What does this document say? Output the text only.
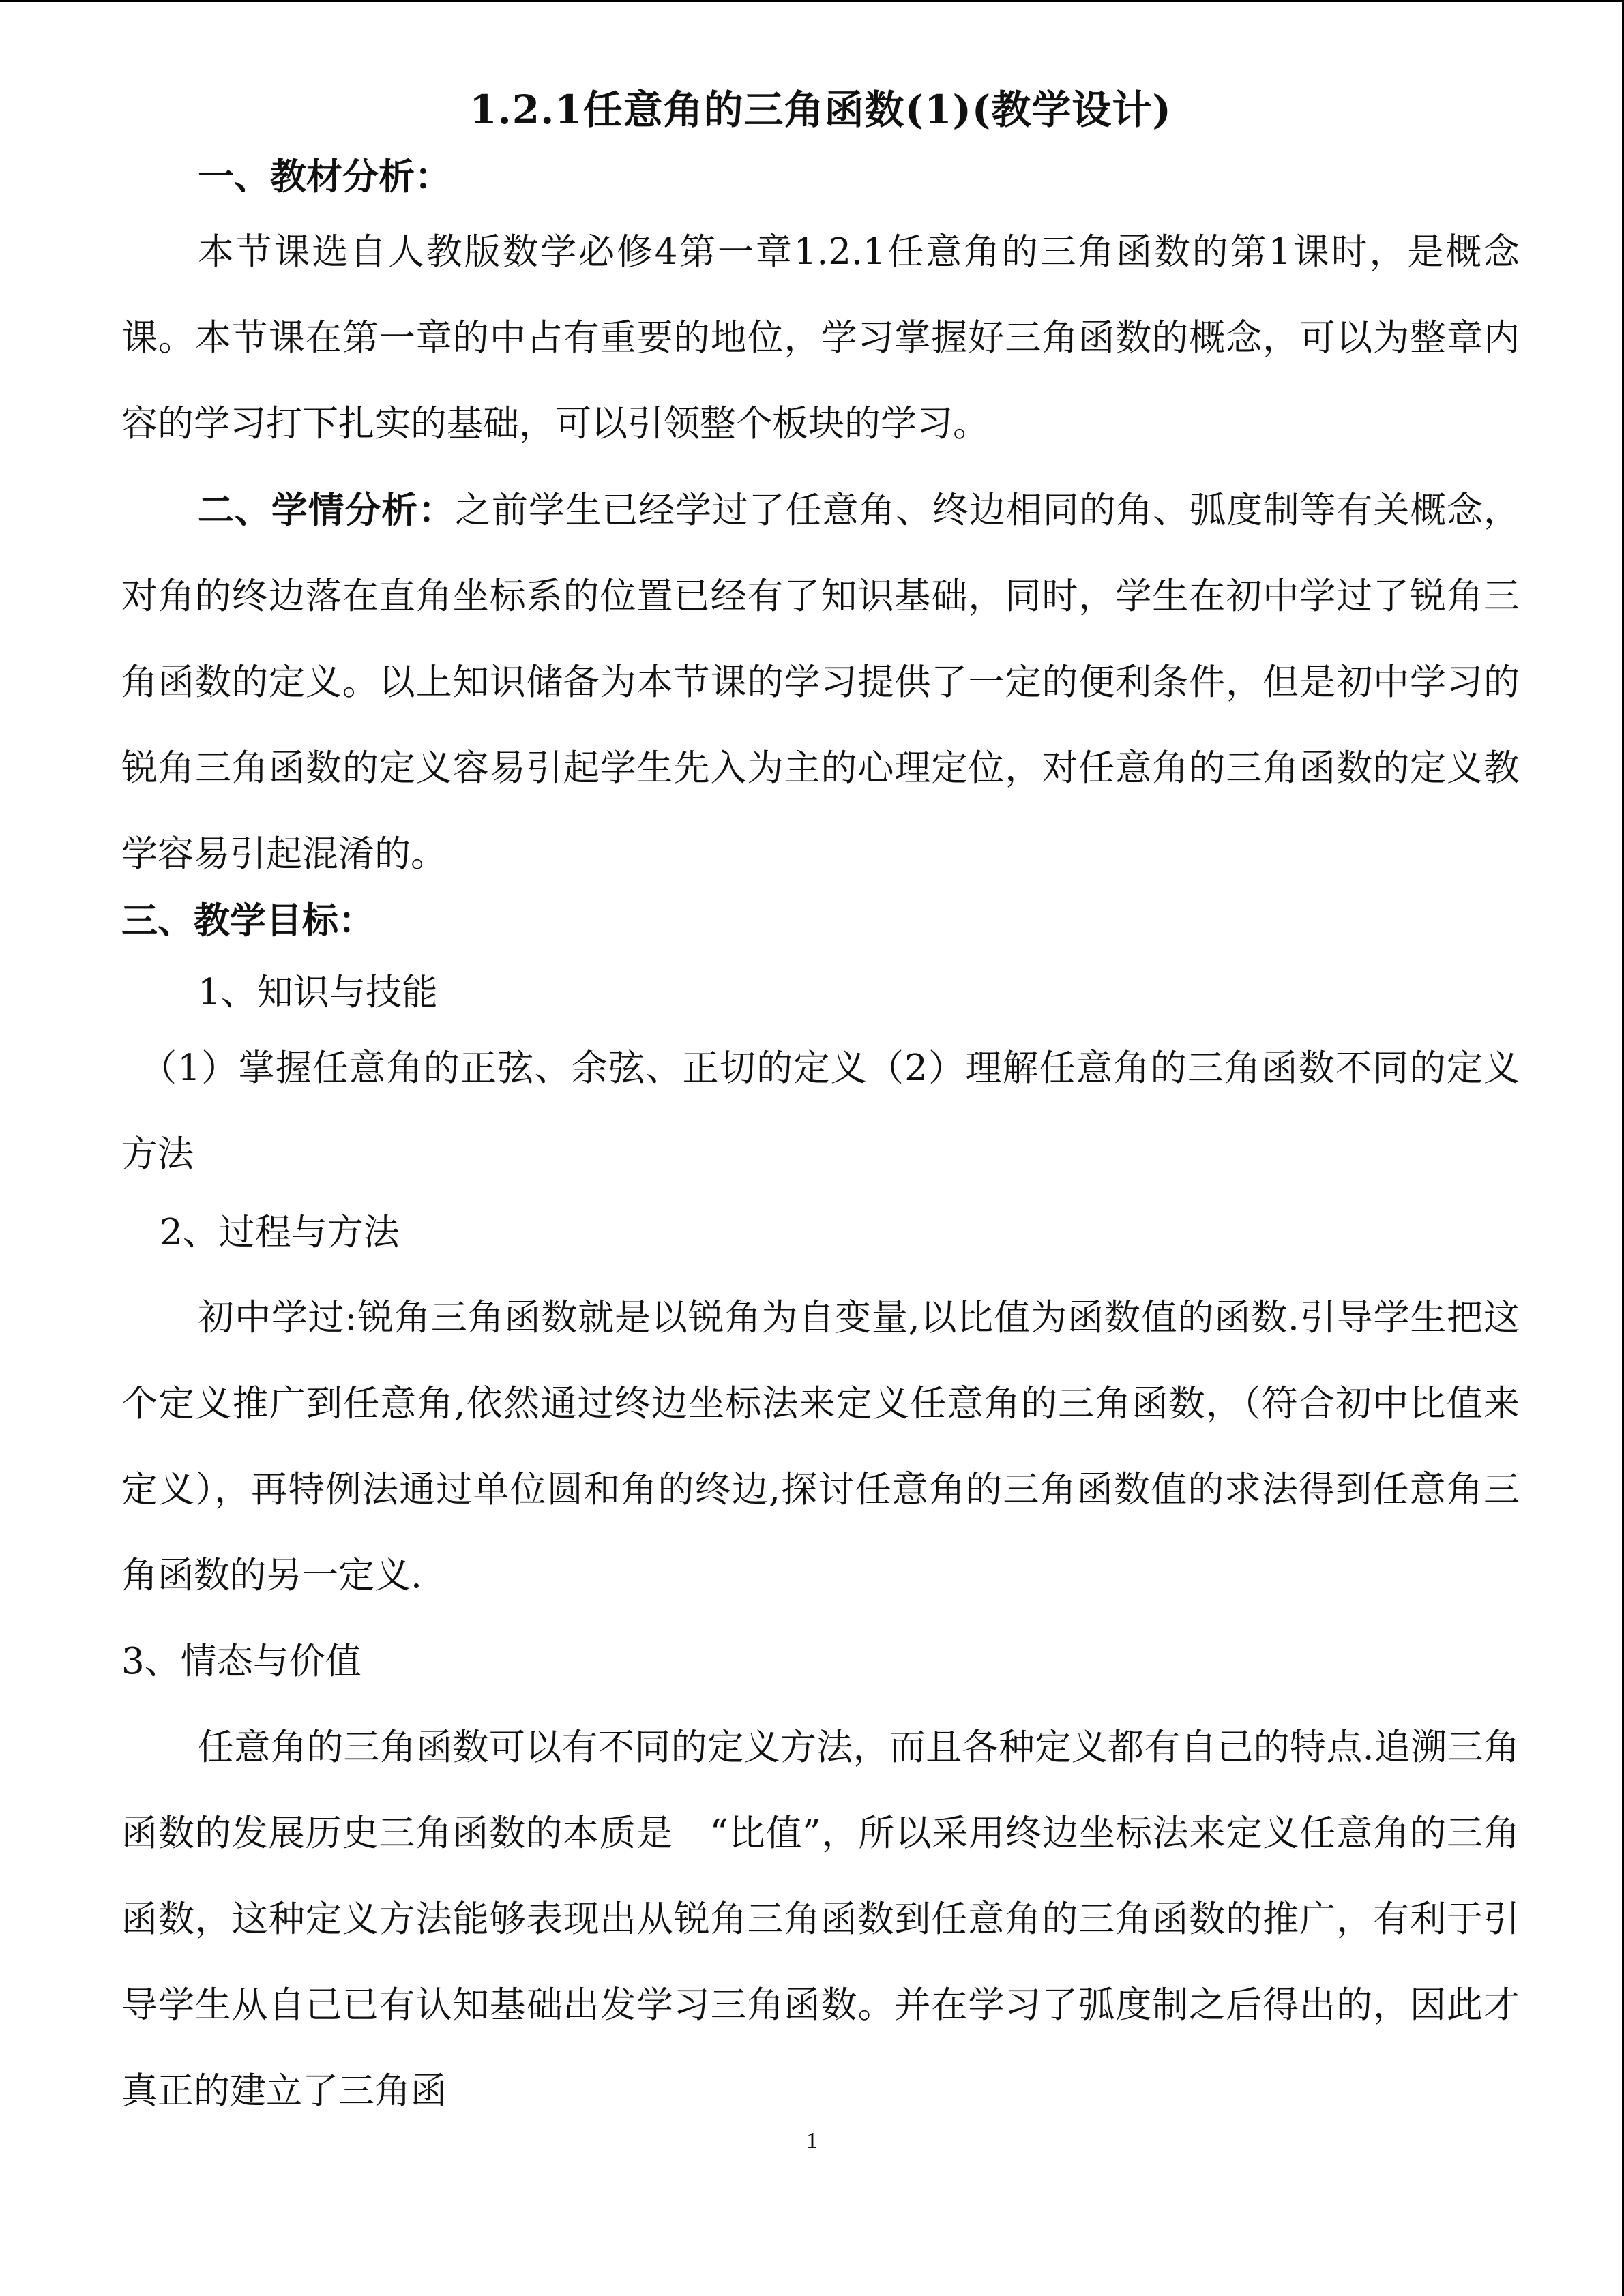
1.2.1任意角的三角函数(1)(教学设计)

一、教材分析：

本节课选自人教版数学必修4第一章1.2.1任意角的三角函数的第1课时，是概念课。本节课在第一章的中占有重要的地位，学习掌握好三角函数的概念，可以为整章内容的学习打下扎实的基础，可以引领整个板块的学习。

二、学情分析：之前学生已经学过了任意角、终边相同的角、弧度制等有关概念，对角的终边落在直角坐标系的位置已经有了知识基础，同时，学生在初中学过了锐角三角函数的定义。以上知识储备为本节课的学习提供了一定的便利条件，但是初中学习的锐角三角函数的定义容易引起学生先入为主的心理定位，对任意角的三角函数的定义教学容易引起混淆的。

三、教学目标：

1、知识与技能

（1）掌握任意角的正弦、余弦、正切的定义（2）理解任意角的三角函数不同的定义方法

2、过程与方法

初中学过:锐角三角函数就是以锐角为自变量,以比值为函数值的函数.引导学生把这个定义推广到任意角,依然通过终边坐标法来定义任意角的三角函数，（符合初中比值来定义），再特例法通过单位圆和角的终边,探讨任意角的三角函数值的求法得到任意角三角函数的另一定义.

3、情态与价值

任意角的三角函数可以有不同的定义方法，而且各种定义都有自己的特点.追溯三角函数的发展历史三角函数的本质是　“比值”，所以采用终边坐标法来定义任意角的三角函数，这种定义方法能够表现出从锐角三角函数到任意角的三角函数的推广，有利于引导学生从自己已有认知基础出发学习三角函数。并在学习了弧度制之后得出的，因此才真正的建立了三角函

1
